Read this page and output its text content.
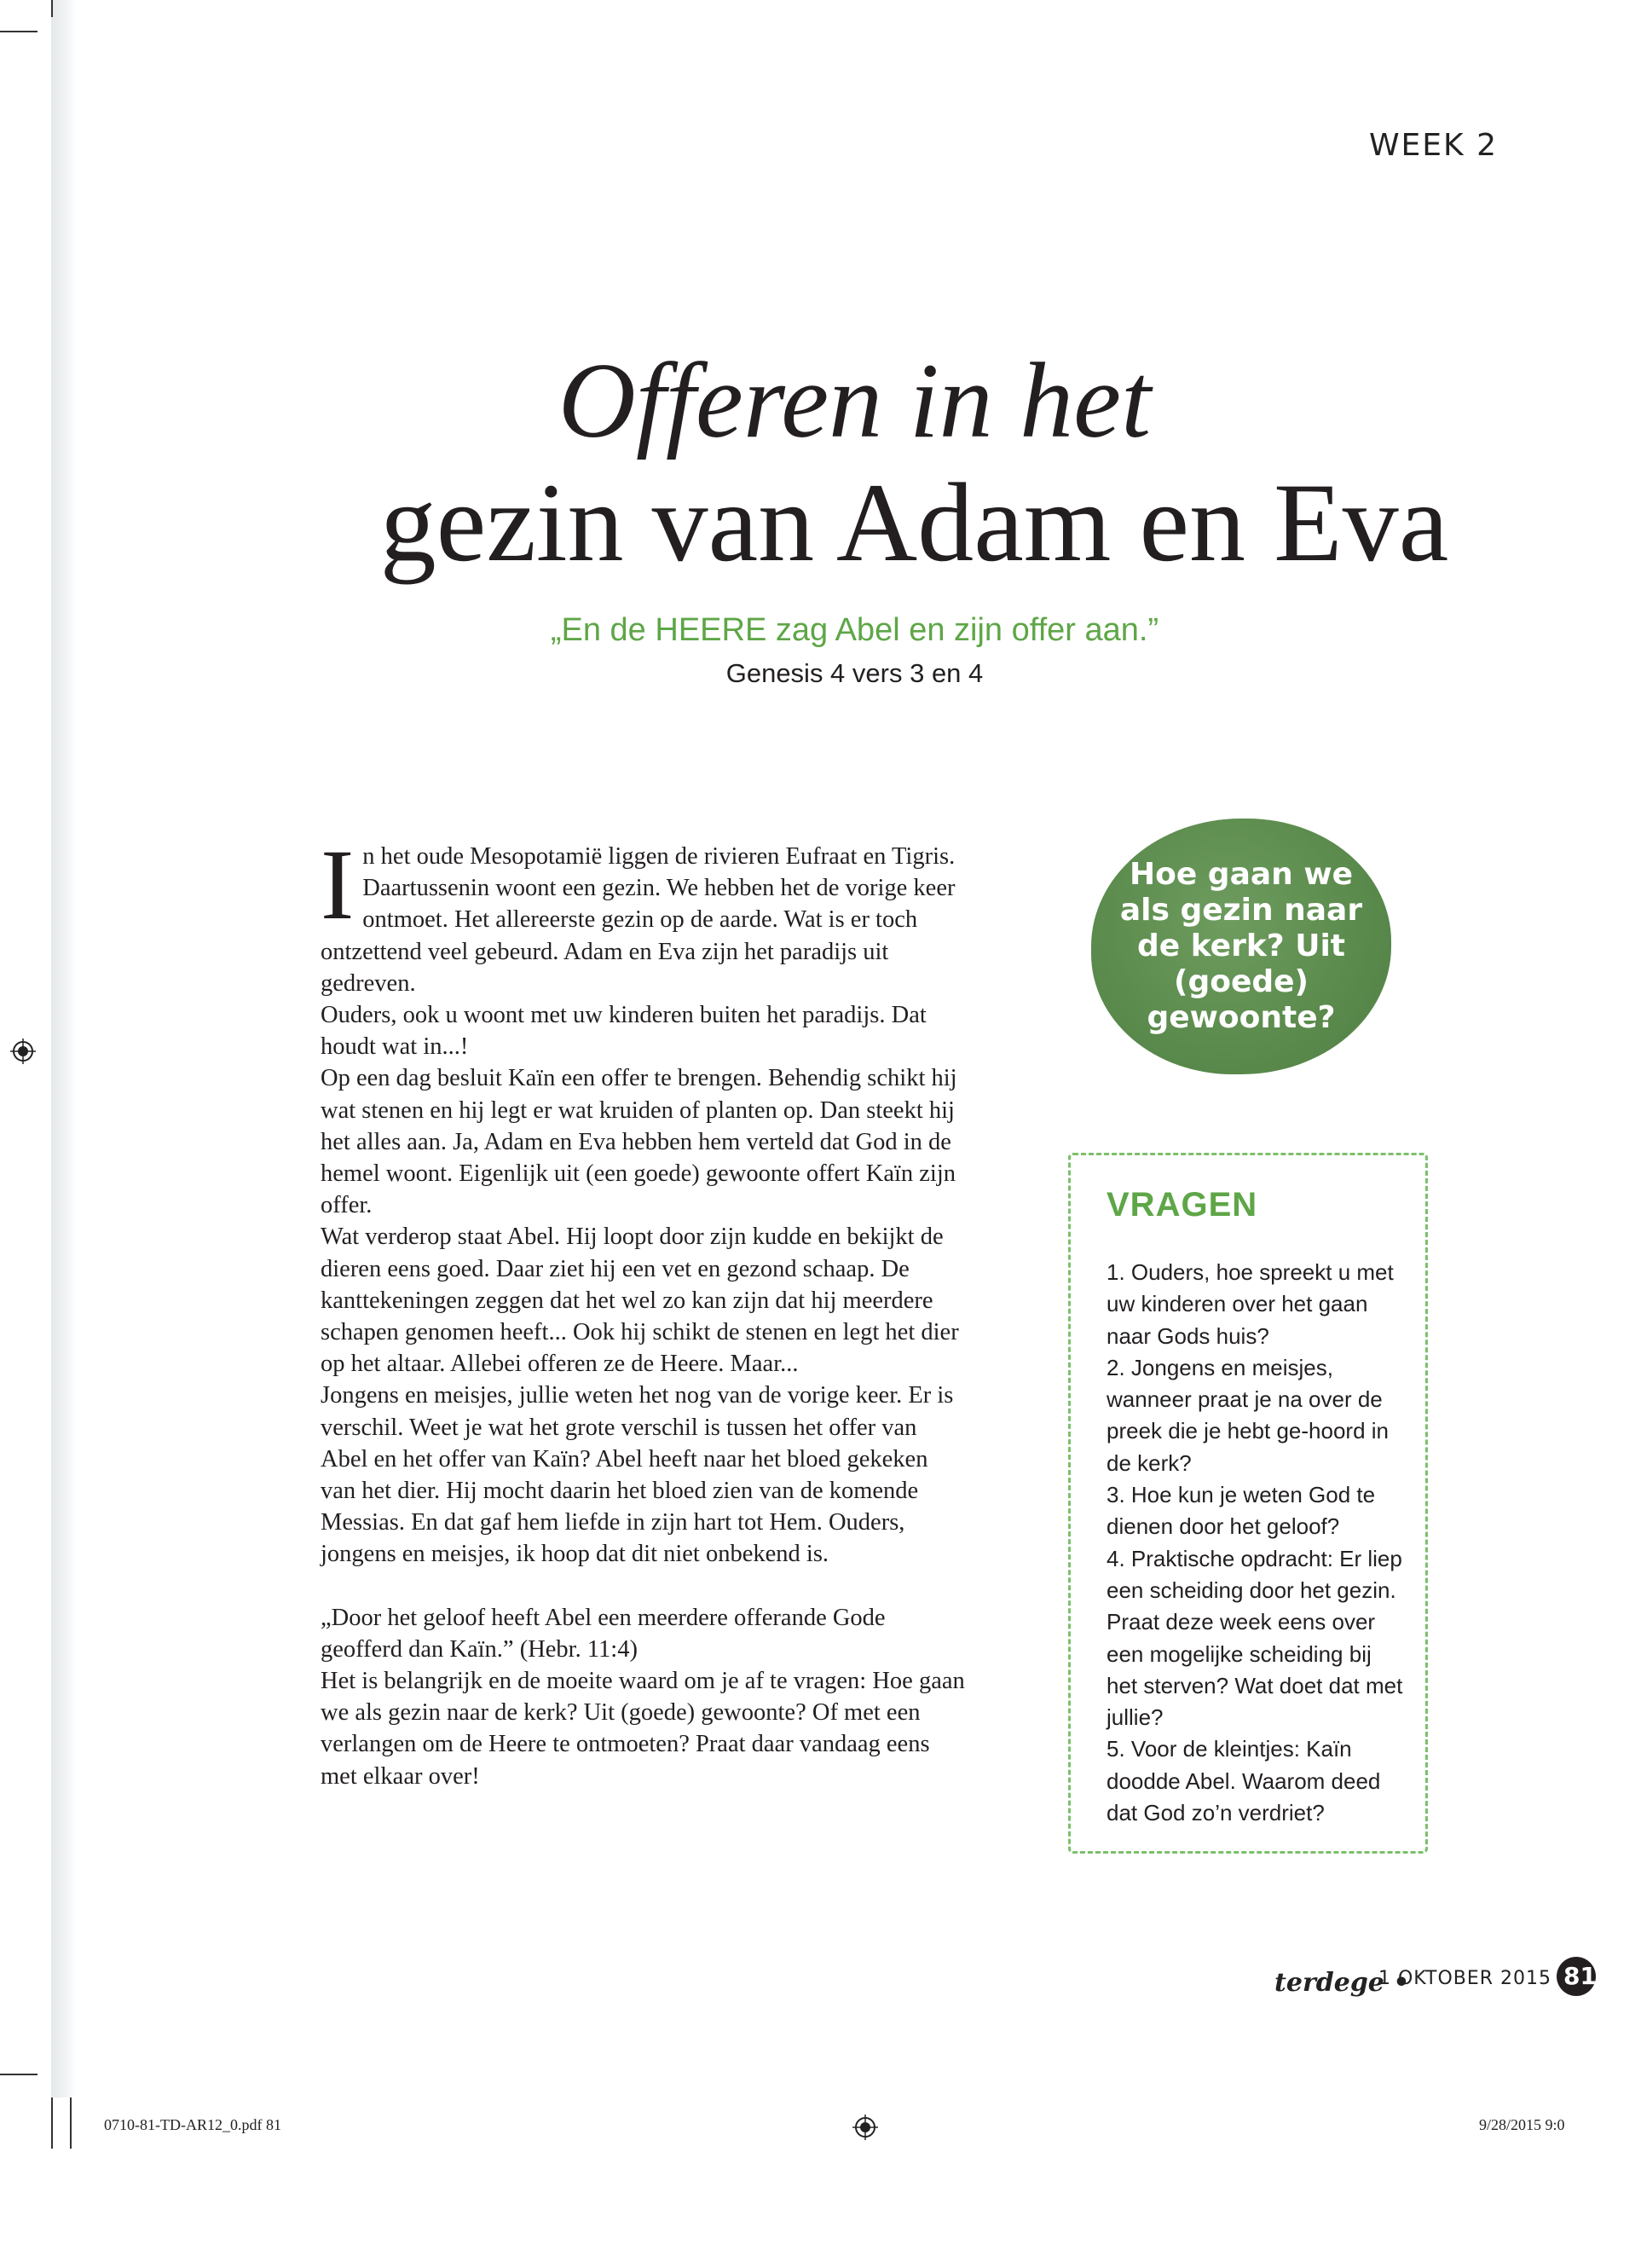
WEEK 2
Offeren in het
gezin van Adam en Eva
„En de HEERE zag Abel en zijn offer aan.”
Genesis 4 vers 3 en 4

In het oude Mesopotamië liggen de rivieren Eufraat en Tigris. Daartussenin woont een gezin. We hebben het de vorige keer ontmoet. Het allereerste gezin op de aarde. Wat is er toch ontzettend veel gebeurd. Adam en Eva zijn het paradijs uit gedreven.

Ouders, ook u woont met uw kinderen buiten het paradijs. Dat houdt wat in...!

Op een dag besluit Kaïn een offer te brengen. Behendig schikt hij wat stenen en hij legt er wat kruiden of planten op. Dan steekt hij het alles aan. Ja, Adam en Eva hebben hem verteld dat God in de hemel woont. Eigenlijk uit (een goede) gewoonte offert Kaïn zijn offer.

Wat verderop staat Abel. Hij loopt door zijn kudde en bekijkt de dieren eens goed. Daar ziet hij een vet en gezond schaap. De kanttekeningen zeggen dat het wel zo kan zijn dat hij meerdere schapen genomen heeft... Ook hij schikt de stenen en legt het dier op het altaar. Allebei offeren ze de Heere. Maar...

Jongens en meisjes, jullie weten het nog van de vorige keer. Er is verschil. Weet je wat het grote verschil is tussen het offer van Abel en het offer van Kaïn? Abel heeft naar het bloed gekeken van het dier. Hij mocht daarin het bloed zien van de komende Messias. En dat gaf hem liefde in zijn hart tot Hem. Ouders, jongens en meisjes, ik hoop dat dit niet onbekend is.

„Door het geloof heeft Abel een meerdere offerande Gode geofferd dan Kaïn.” (Hebr. 11:4)

Het is belangrijk en de moeite waard om je af te vragen: Hoe gaan we als gezin naar de kerk? Uit (goede) gewoonte? Of met een verlangen om de Heere te ontmoeten? Praat daar vandaag eens met elkaar over!

Hoe gaan we als gezin naar de kerk? Uit (goede) gewoonte?
VRAGEN
1. Ouders, hoe spreekt u met uw kinderen over het gaan naar Gods huis?
2. Jongens en meisjes, wanneer praat je na over de preek die je hebt ge-hoord in de kerk?
3. Hoe kun je weten God te dienen door het geloof?
4. Praktische opdracht: Er liep een scheiding door het gezin. Praat deze week eens over een mogelijke scheiding bij het sterven? Wat doet dat met jullie?
5. Voor de kleintjes: Kaïn doodde Abel. Waarom deed dat God zo’n verdriet?
terdege •
1 OKTOBER 2015 81
0710-81-TD-AR12_0.pdf 81	9/28/2015 9:0
